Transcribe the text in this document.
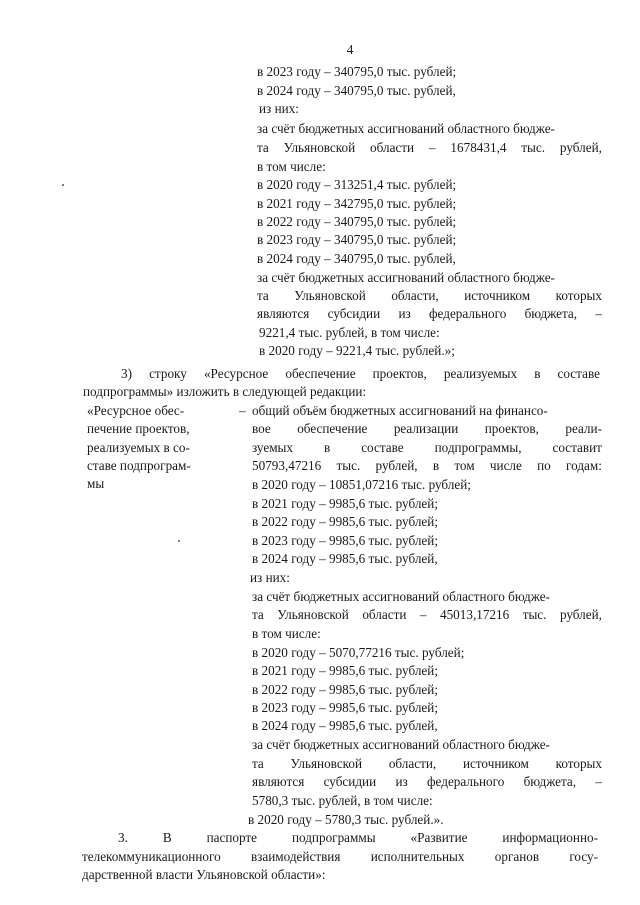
4
в 2023 году – 340795,0 тыс. рублей;
в 2024 году – 340795,0 тыс. рублей,
из них:
за счёт бюджетных ассигнований областного бюдже-
та Ульяновской области – 1678431,4 тыс. рублей,
в том числе:
в 2020 году – 313251,4 тыс. рублей;
в 2021 году – 342795,0 тыс. рублей;
в 2022 году – 340795,0 тыс. рублей;
в 2023 году – 340795,0 тыс. рублей;
в 2024 году – 340795,0 тыс. рублей,
за счёт бюджетных ассигнований областного бюдже-
та Ульяновской области, источником которых
являются субсидии из федерального бюджета, –
9221,4 тыс. рублей, в том числе:
в 2020 году – 9221,4 тыс. рублей.»;
3) строку «Ресурсное обеспечение проектов, реализуемых в составе
подпрограммы» изложить в следующей редакции:
«Ресурсное обес-
печение проектов,
реализуемых в со-
ставе подпрограм-
мы
– общий объём бюджетных ассигнований на финансо-
вое обеспечение реализации проектов, реали-
зуемых в составе подпрограммы, составит
50793,47216 тыс. рублей, в том числе по годам:
в 2020 году – 10851,07216 тыс. рублей;
в 2021 году – 9985,6 тыс. рублей;
в 2022 году – 9985,6 тыс. рублей;
в 2023 году – 9985,6 тыс. рублей;
в 2024 году – 9985,6 тыс. рублей,
из них:
за счёт бюджетных ассигнований областного бюдже-
та Ульяновской области – 45013,17216 тыс. рублей,
в том числе:
в 2020 году – 5070,77216 тыс. рублей;
в 2021 году – 9985,6 тыс. рублей;
в 2022 году – 9985,6 тыс. рублей;
в 2023 году – 9985,6 тыс. рублей;
в 2024 году – 9985,6 тыс. рублей,
за счёт бюджетных ассигнований областного бюдже-
та Ульяновской области, источником которых
являются субсидии из федерального бюджета, –
5780,3 тыс. рублей, в том числе:
в 2020 году – 5780,3 тыс. рублей.».
3.	В	паспорте	подпрограммы	«Развитие	информационно-
телекоммуникационного взаимодействия исполнительных органов госу-
дарственной власти Ульяновской области»:
